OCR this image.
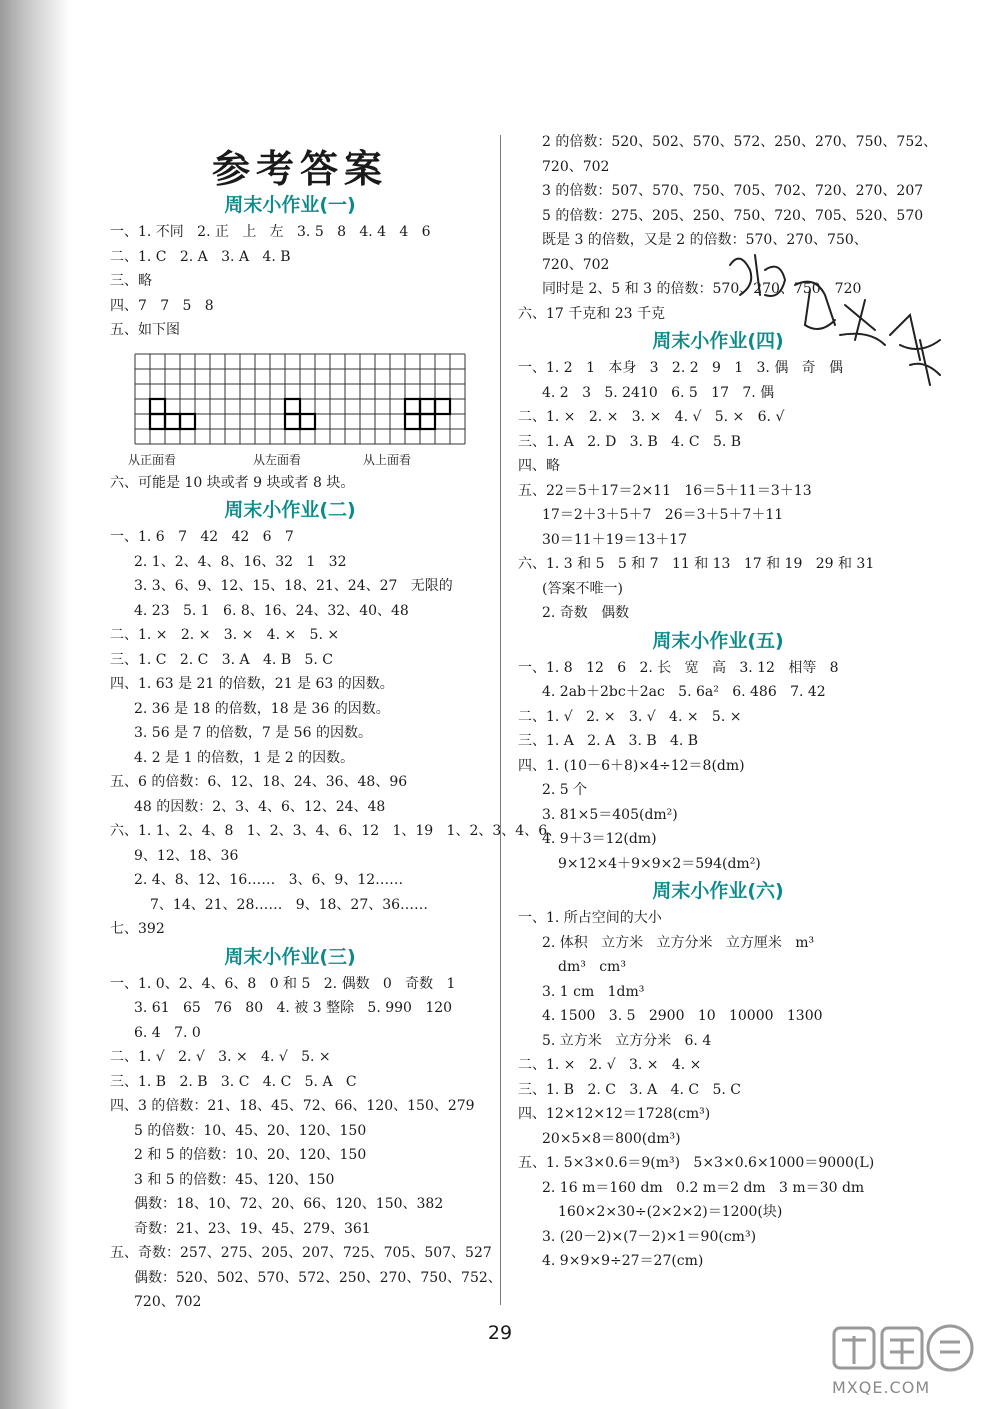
参考答案
周末小作业(一)
一、1. 不同   2. 正   上   左   3. 5   8   4. 4   4   6
二、1. C   2. A   3. A   4. B
三、略
四、7   7   5   8
五、如下图
从正面看	从左面看	从上面看
六、可能是 10 块或者 9 块或者 8 块。
周末小作业(二)
一、1. 6   7   42   42   6   7
2. 1、2、4、8、16、32   1   32
3. 3、6、9、12、15、18、21、24、27   无限的
4. 23   5. 1   6. 8、16、24、32、40、48
二、1. ×   2. ×   3. ×   4. ×   5. ×
三、1. C   2. C   3. A   4. B   5. C
四、1. 63 是 21 的倍数，21 是 63 的因数。
2. 36 是 18 的倍数，18 是 36 的因数。
3. 56 是 7 的倍数，7 是 56 的因数。
4. 2 是 1 的倍数，1 是 2 的因数。
五、6 的倍数：6、12、18、24、36、48、96
48 的因数：2、3、4、6、12、24、48
六、1. 1、2、4、8   1、2、3、4、6、12   1、19   1、2、3、4、6、
9、12、18、36
2. 4、8、12、16……   3、6、9、12……
7、14、21、28……   9、18、27、36……
七、392
周末小作业(三)
一、1. 0、2、4、6、8   0 和 5   2. 偶数   0   奇数   1
3. 61   65   76   80   4. 被 3 整除   5. 990   120
6. 4   7. 0
二、1. √   2. √   3. ×   4. √   5. ×
三、1. B   2. B   3. C   4. C   5. A   C
四、3 的倍数：21、18、45、72、66、120、150、279
5 的倍数：10、45、20、120、150
2 和 5 的倍数：10、20、120、150
3 和 5 的倍数：45、120、150
偶数：18、10、72、20、66、120、150、382
奇数：21、23、19、45、279、361
五、奇数：257、275、205、207、725、705、507、527
偶数：520、502、570、572、250、270、750、752、
720、702
2 的倍数：520、502、570、572、250、270、750、752、
720、702
3 的倍数：507、570、750、705、702、720、270、207
5 的倍数：275、205、250、750、720、705、520、570
既是 3 的倍数，又是 2 的倍数：570、270、750、
720、702
同时是 2、5 和 3 的倍数：570、270、750、720
六、17 千克和 23 千克
周末小作业(四)
一、1. 2   1   本身   3   2. 2   9   1   3. 偶   奇   偶
4. 2   3   5. 2410   6. 5   17   7. 偶
二、1. ×   2. ×   3. ×   4. √   5. ×   6. √
三、1. A   2. D   3. B   4. C   5. B
四、略
五、22＝5＋17＝2×11   16＝5＋11＝3＋13
17＝2＋3＋5＋7   26＝3＋5＋7＋11
30＝11＋19＝13＋17
六、1. 3 和 5   5 和 7   11 和 13   17 和 19   29 和 31
(答案不唯一)
2. 奇数   偶数
周末小作业(五)
一、1. 8   12   6   2. 长   宽   高   3. 12   相等   8
4. 2ab＋2bc＋2ac   5. 6a²   6. 486   7. 42
二、1. √   2. ×   3. √   4. ×   5. ×
三、1. A   2. A   3. B   4. B
四、1. (10－6＋8)×4÷12＝8(dm)
2. 5 个
3. 81×5＝405(dm²)
4. 9＋3＝12(dm)
9×12×4＋9×9×2＝594(dm²)
周末小作业(六)
一、1. 所占空间的大小
2. 体积   立方米   立方分米   立方厘米   m³
dm³   cm³
3. 1 cm   1dm³
4. 1500   3. 5   2900   10   10000   1300
5. 立方米   立方分米   6. 4
二、1. ×   2. √   3. ×   4. ×
三、1. B   2. C   3. A   4. C   5. C
四、12×12×12＝1728(cm³)
20×5×8＝800(dm³)
五、1. 5×3×0.6＝9(m³)   5×3×0.6×1000＝9000(L)
2. 16 m＝160 dm   0.2 m＝2 dm   3 m＝30 dm
160×2×30÷(2×2×2)＝1200(块)
3. (20－2)×(7－2)×1＝90(cm³)
4. 9×9×9÷27＝27(cm)
29
MXQE.COM
